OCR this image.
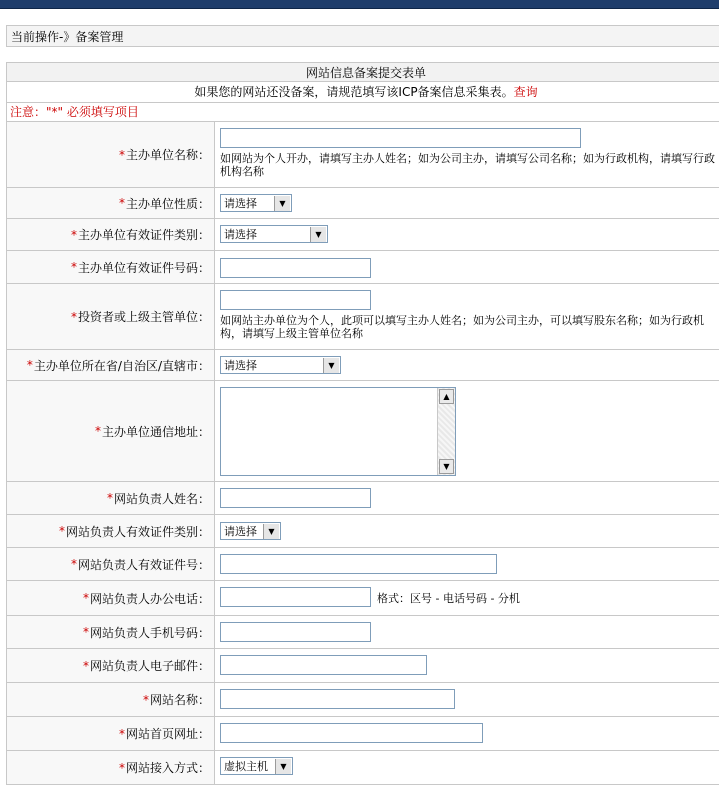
当前操作-》备案管理
网站信息备案提交表单
如果您的网站还没备案，请规范填写该ICP备案信息采集表。查询
注意："*" 必须填写项目
* 主办单位名称： 如网站为个人开办，请填写主办人姓名；如为公司主办，请填写公司名称；如为行政机构，请填写行政机构名称
* 主办单位性质： 请选择	▼
* 主办单位有效证件类别： 请选择	▼
* 主办单位有效证件号码：
* 投资者或上级主管单位： 如网站主办单位为个人，此项可以填写主办人姓名；如为公司主办，可以填写股东名称；如为行政机构，请填写上级主管单位名称
* 主办单位所在省/自治区/直辖市： 请选择	▼
* 主办单位通信地址：
▲
▼
* 网站负责人姓名：
* 网站负责人有效证件类别： 请选择	▼
* 网站负责人有效证件号：
* 网站负责人办公电话：	格式：区号 - 电话号码 - 分机
* 网站负责人手机号码：
* 网站负责人电子邮件：
* 网站名称：
* 网站首页网址：
* 网站接入方式： 虚拟主机	▼
